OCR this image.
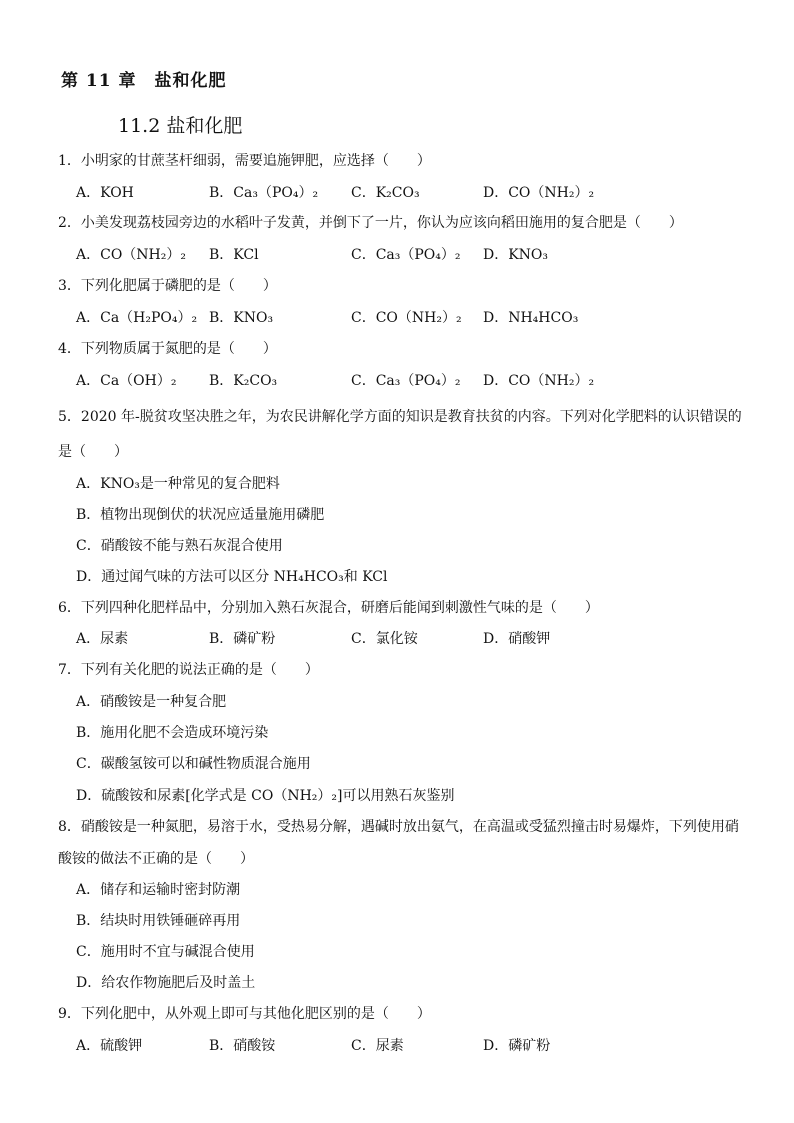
第 11 章　盐和化肥
11.2 盐和化肥
1．小明家的甘蔗茎杆细弱，需要追施钾肥，应选择（　　）
A．KOH	B．Ca₃（PO₄）₂ C．K₂CO₃	D．CO（NH₂）₂
2．小美发现荔枝园旁边的水稻叶子发黄，并倒下了一片，你认为应该向稻田施用的复合肥是（　　）
A．CO（NH₂）₂ B．KCl	C．Ca₃（PO₄）₂ D．KNO₃
3．下列化肥属于磷肥的是（　　）
A．Ca（H₂PO₄）₂ B．KNO₃	C．CO（NH₂）₂ D．NH₄HCO₃
4．下列物质属于氮肥的是（　　）
A．Ca（OH）₂ B．K₂CO₃	C．Ca₃（PO₄）₂ D．CO（NH₂）₂
5．2020 年-脱贫攻坚决胜之年，为农民讲解化学方面的知识是教育扶贫的内容。下列对化学肥料的认识错误的
是（　　）
A．KNO₃是一种常见的复合肥料
B．植物出现倒伏的状况应适量施用磷肥
C．硝酸铵不能与熟石灰混合使用
D．通过闻气味的方法可以区分 NH₄HCO₃和 KCl
6．下列四种化肥样品中，分别加入熟石灰混合，研磨后能闻到刺激性气味的是（　　）
A．尿素	B．磷矿粉	C．氯化铵	D．硝酸钾
7．下列有关化肥的说法正确的是（　　）
A．硝酸铵是一种复合肥
B．施用化肥不会造成环境污染
C．碳酸氢铵可以和碱性物质混合施用
D．硫酸铵和尿素[化学式是 CO（NH₂）₂]可以用熟石灰鉴别
8．硝酸铵是一种氮肥，易溶于水，受热易分解，遇碱时放出氨气，在高温或受猛烈撞击时易爆炸，下列使用硝
酸铵的做法不正确的是（　　）
A．储存和运输时密封防潮
B．结块时用铁锤砸碎再用
C．施用时不宜与碱混合使用
D．给农作物施肥后及时盖土
9．下列化肥中，从外观上即可与其他化肥区别的是（　　）
A．硫酸钾	B．硝酸铵	C．尿素	D．磷矿粉
